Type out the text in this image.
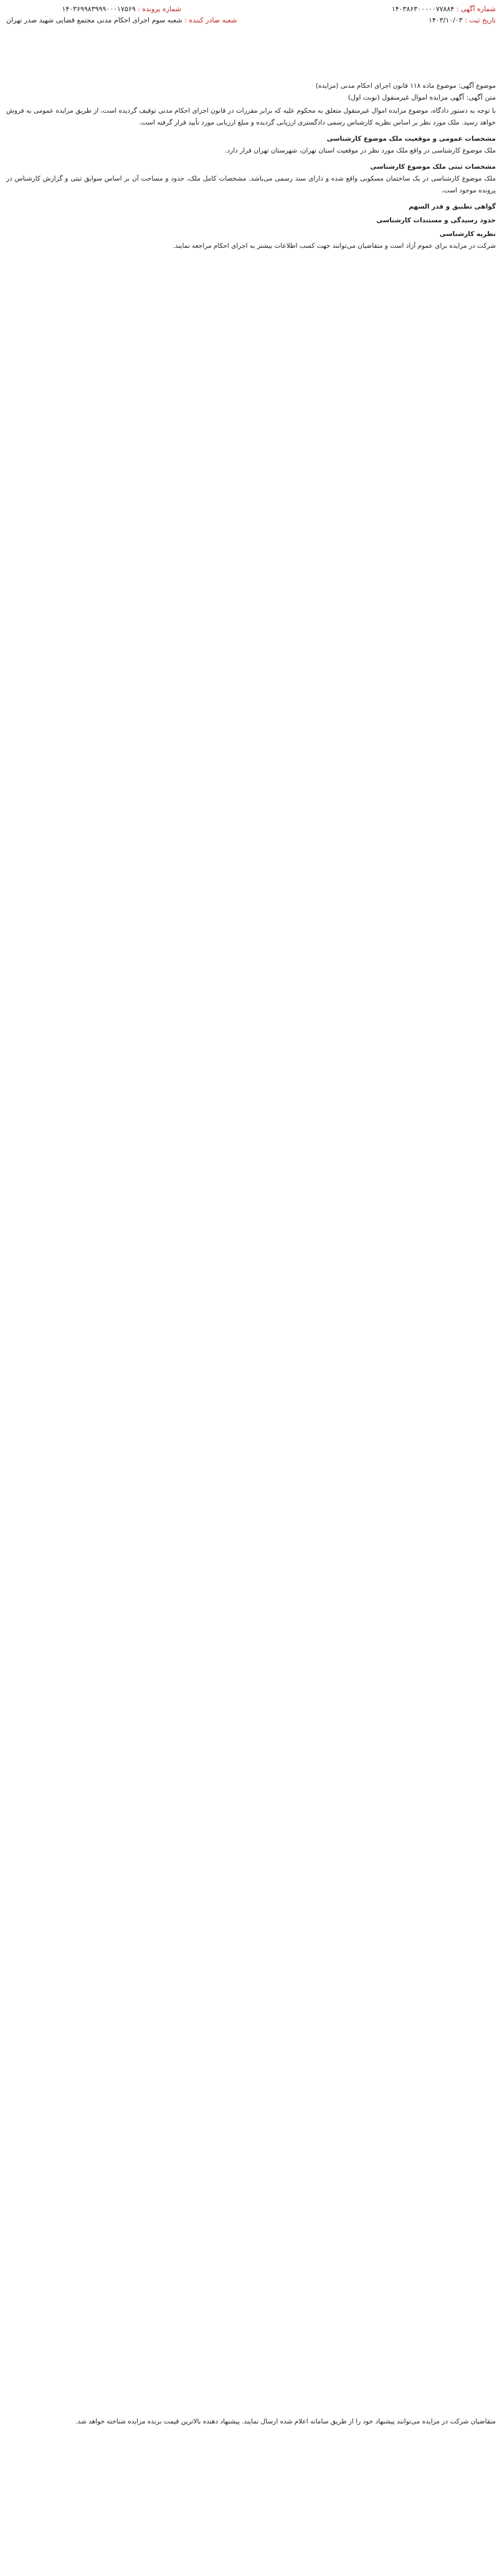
شماره آگهی : ۱۴۰۳۸۶۳۰۰۰۰۰۷۷۸۸۴
تاریخ ثبت : ۱۴۰۳/۱۰/۰۳
شماره پرونده : ۱۴۰۳۶۹۹۸۳۹۹۹۰۰۰۱۷۵۶۹
شعبه صادر کننده : شعبه سوم اجرای احکام مدنی مجتمع قضایی شهید صدر تهران
موضوع آگهی: موضوع ماده ۱۱۸ قانون اجرای احکام مدنی (مزایده)
متن آگهی: آگهی مزایده اموال غیرمنقول (نوبت اول)

با توجه به دستور دادگاه، موضوع مزایده اموال غیرمنقول متعلق به محکوم علیه که برابر مقررات در قانون اجرای احکام مدنی توقیف گردیده است، از طریق مزایده عمومی به فروش خواهد رسید. ملک مورد نظر بر اساس نظریه کارشناس رسمی دادگستری ارزیابی گردیده و مبلغ ارزیابی مورد تأیید قرار گرفته است.

مشخصات عمومی و موقعیت ملک موضوع کارشناسی

ملک موضوع کارشناسی در واقع ملک مورد نظر در موقعیت استان تهران، شهرستان تهران قرار دارد.

مشخصات ثبتی ملک موضوع کارشناسی

ملک موضوع کارشناسی در یک ساختمان مسکونی واقع شده و دارای سند رسمی می‌باشد. مشخصات کامل ملک، حدود و مساحت آن بر اساس سوابق ثبتی و گزارش کارشناس در پرونده موجود است.

گواهی تطبیق و قدر السهم
حدود رسیدگی و مستندات کارشناسی
نظریه کارشناسی

شرکت در مزایده برای عموم آزاد است و متقاضیان می‌توانند جهت کسب اطلاعات بیشتر به اجرای احکام مراجعه نمایند.

متقاضیان شرکت در مزایده می‌توانند پیشنهاد خود را از طریق سامانه اعلام شده ارسال نمایند. پیشنهاد دهنده بالاترین قیمت برنده مزایده شناخته خواهد شد.
